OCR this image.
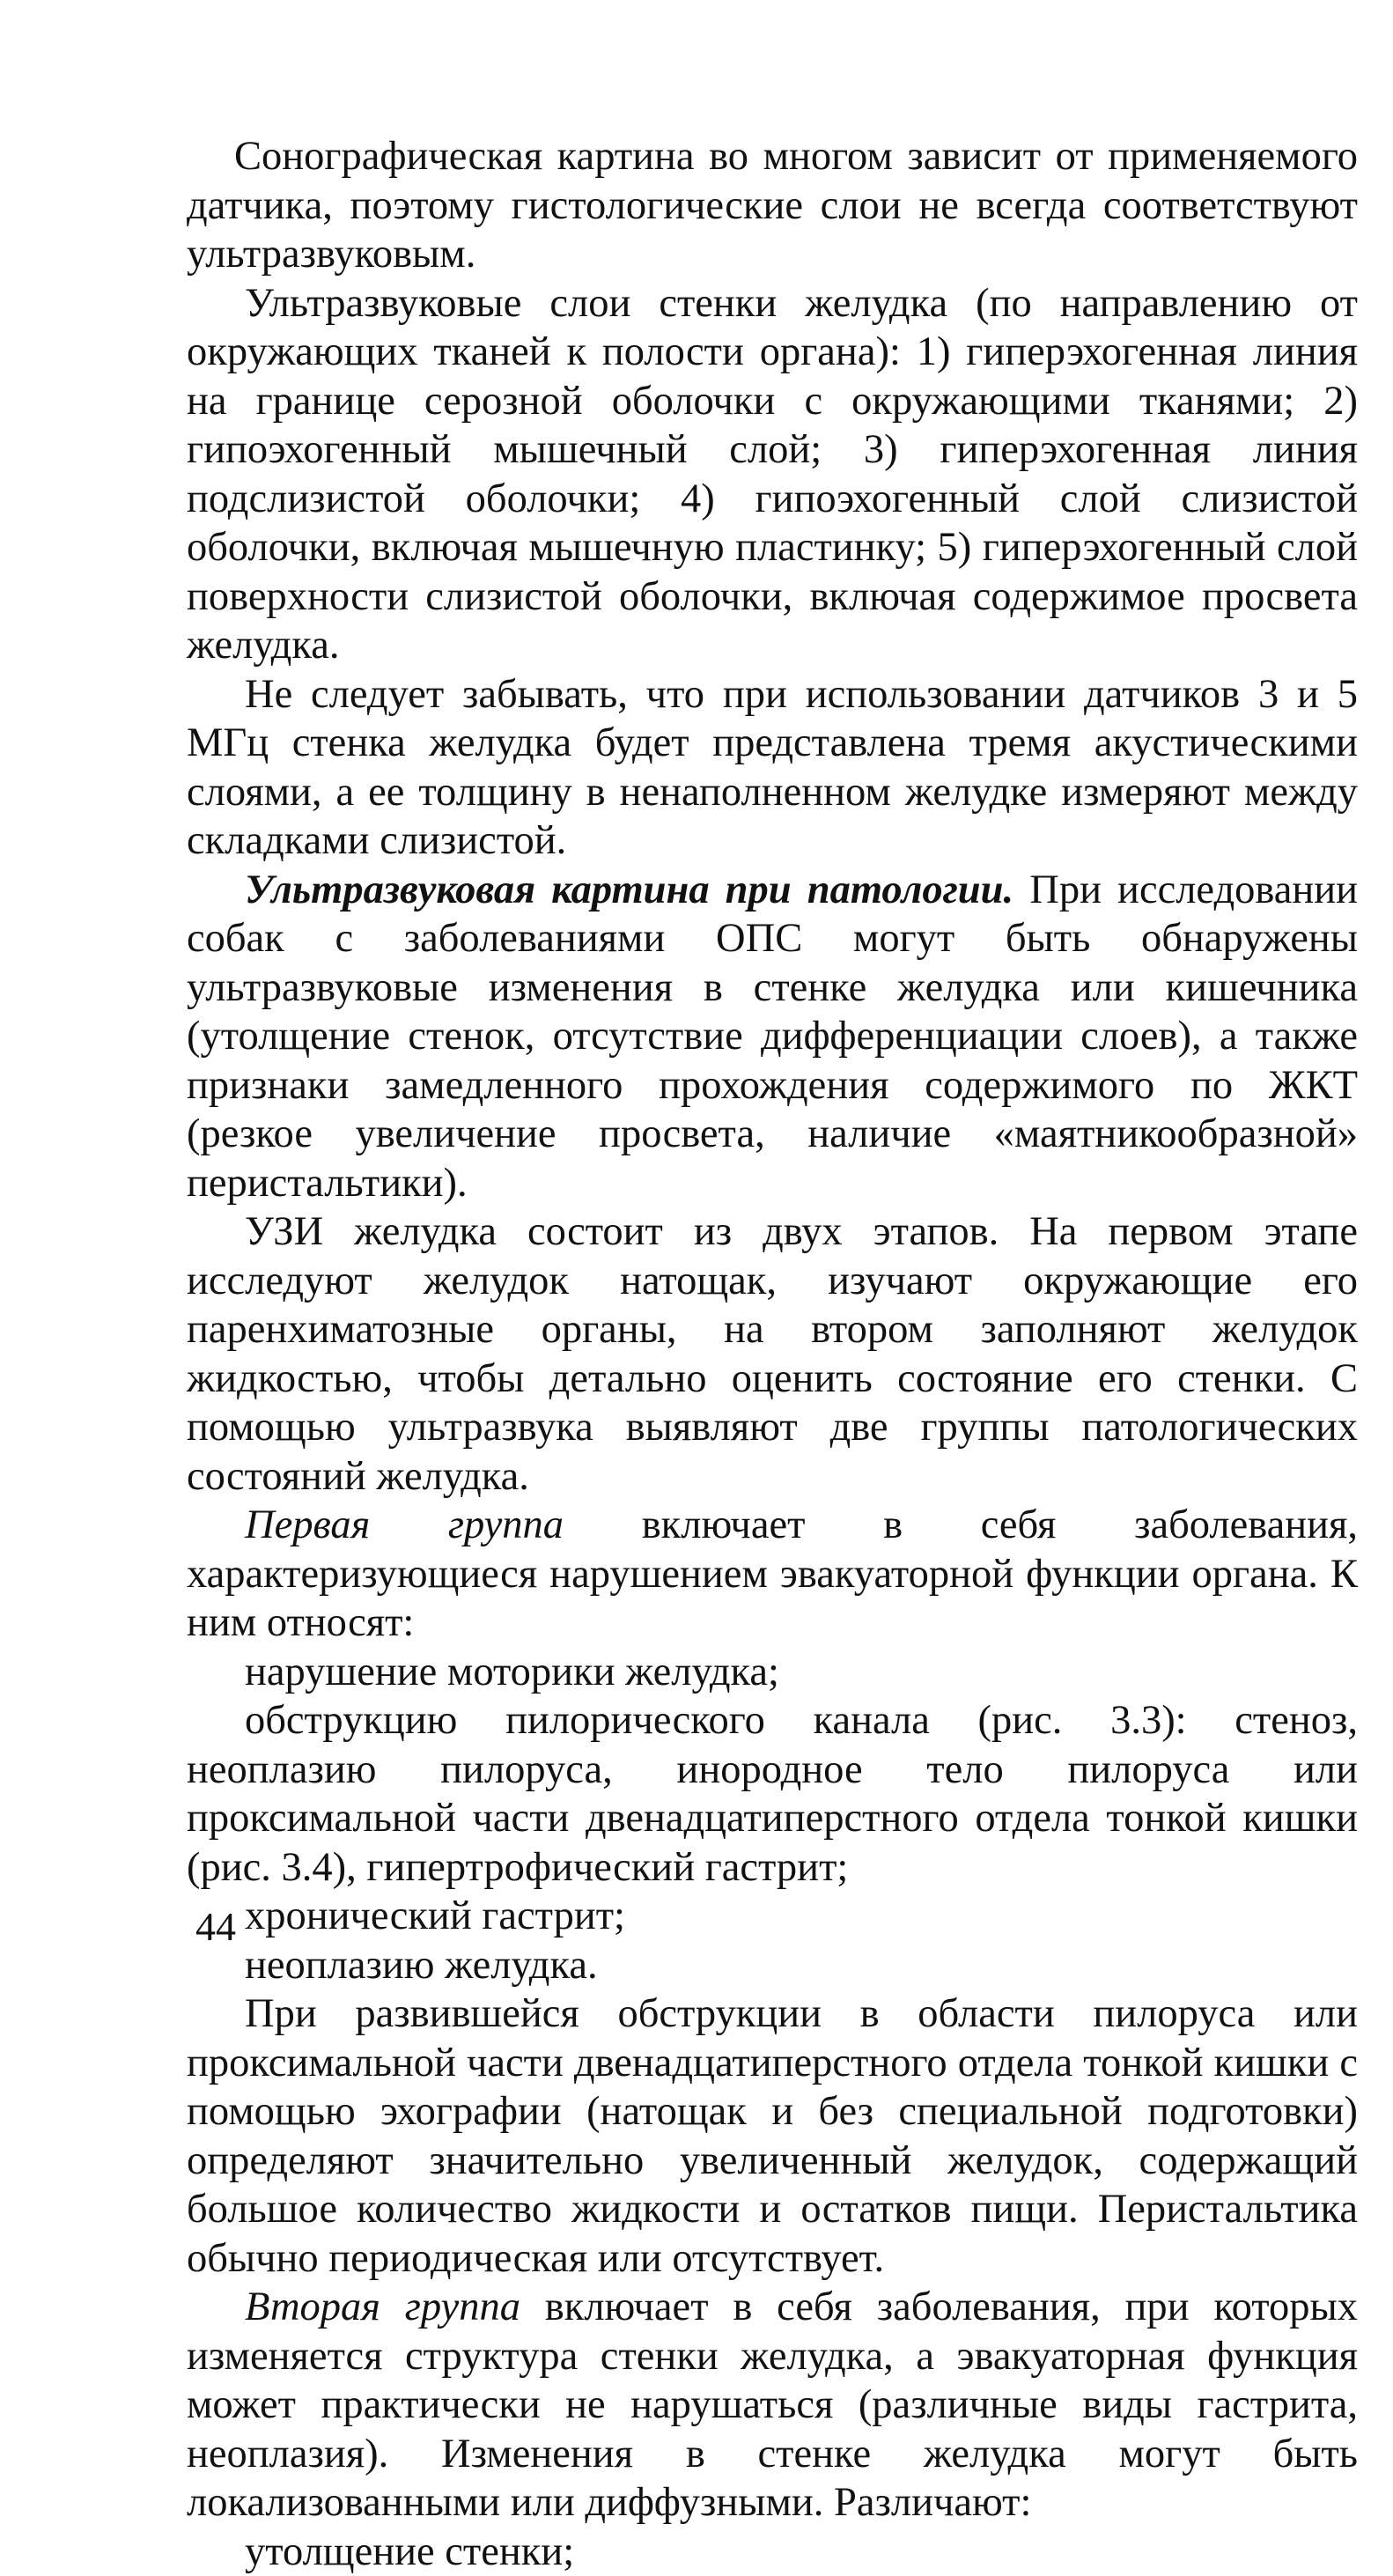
Сонографическая картина во многом зависит от применяемого датчика, поэтому гистологические слои не всегда соответствуют ультразвуковым.

Ультразвуковые слои стенки желудка (по направлению от окружающих тканей к полости органа): 1) гиперэхогенная линия на границе серозной оболочки с окружающими тканями; 2) гипоэхогенный мышечный слой; 3) гиперэхогенная линия подслизистой оболочки; 4) гипоэхогенный слой слизистой оболочки, включая мышечную пластинку; 5) гиперэхогенный слой поверхности слизистой оболочки, включая содержимое просвета желудка.

Не следует забывать, что при использовании датчиков 3 и 5 МГц стенка желудка будет представлена тремя акустическими слоями, а ее толщину в ненаполненном желудке измеряют между складками слизистой.

Ультразвуковая картина при патологии. При исследовании собак с заболеваниями ОПС могут быть обнаружены ультразвуковые изменения в стенке желудка или кишечника (утолщение стенок, отсутствие дифференциации слоев), а также признаки замедленного прохождения содержимого по ЖКТ (резкое увеличение просвета, наличие «маятникообразной» перистальтики).

УЗИ желудка состоит из двух этапов. На первом этапе исследуют желудок натощак, изучают окружающие его паренхиматозные органы, на втором заполняют желудок жидкостью, чтобы детально оценить состояние его стенки. С помощью ультразвука выявляют две группы патологических состояний желудка.

Первая группа включает в себя заболевания, характеризующиеся нарушением эвакуаторной функции органа. К ним относят:

нарушение моторики желудка;

обструкцию пилорического канала (рис. 3.3): стеноз, неоплазию пилоруса, инородное тело пилоруса или проксимальной части двенадцатиперстного отдела тонкой кишки (рис. 3.4), гипертрофический гастрит;

хронический гастрит;

неоплазию желудка.

При развившейся обструкции в области пилоруса или проксимальной части двенадцатиперстного отдела тонкой кишки с помощью эхографии (натощак и без специальной подготовки) определяют значительно увеличенный желудок, содержащий большое количество жидкости и остатков пищи. Перистальтика обычно периодическая или отсутствует.

Вторая группа включает в себя заболевания, при которых изменяется структура стенки желудка, а эвакуаторная функция может практически не нарушаться (различные виды гастрита, неоплазия). Изменения в стенке желудка могут быть локализованными или диффузными. Различают:

утолщение стенки;

44
